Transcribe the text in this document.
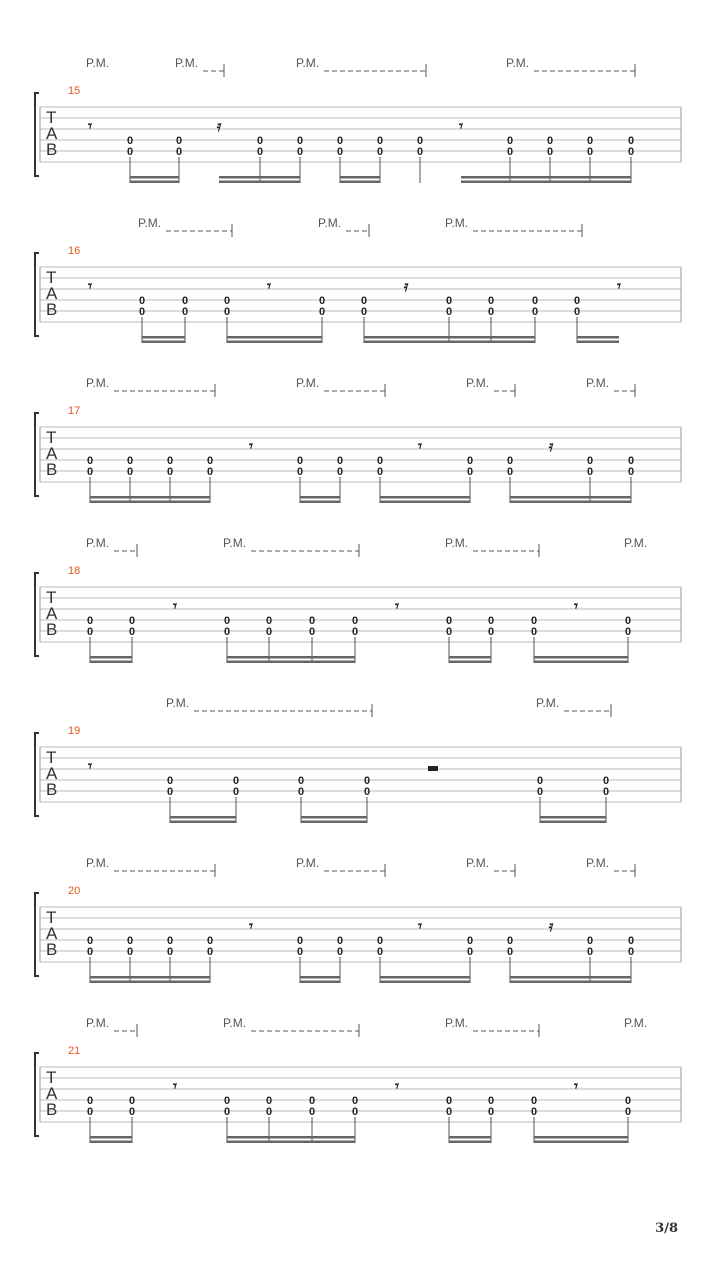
T
A
B
15
P.M.	P.M.	P.M.	P.M.
𝄾
0
0
0
0
𝄿
0
0
0
0
0
0
0
0
0
0
𝄾
0
0
0
0
0
0
0
0
T
A
B
16
P.M.	P.M.	P.M.
𝄾
0
0
0
0
0
0
𝄾
0
0
0
0
𝄿
0
0
0
0
0
0
0
0
𝄾
T
A
B
17
P.M.	P.M.	P.M.	P.M.
0
0
0
0
0
0
0
0
𝄾
0
0
0
0
0
0
𝄾
0
0
0
0
𝄿
0
0
0
0
T
A
B
18
P.M.	P.M.	P.M.	P.M.
0
0
0
0
𝄾
0
0
0
0
0
0
0
0
𝄾
0
0
0
0
0
0
𝄾
0
0
T
A
B
19
P.M.	P.M.
𝄾
0
0
0
0
0
0
0
0
0
0
0
0
T
A
B
20
P.M.	P.M.	P.M.	P.M.
0
0
0
0
0
0
0
0
𝄾
0
0
0
0
0
0
𝄾
0
0
0
0
𝄿
0
0
0
0
T
A
B
21
P.M.	P.M.	P.M.	P.M.
0
0
0
0
𝄾
0
0
0
0
0
0
0
0
𝄾
0
0
0
0
0
0
𝄾
0
0
3/8
